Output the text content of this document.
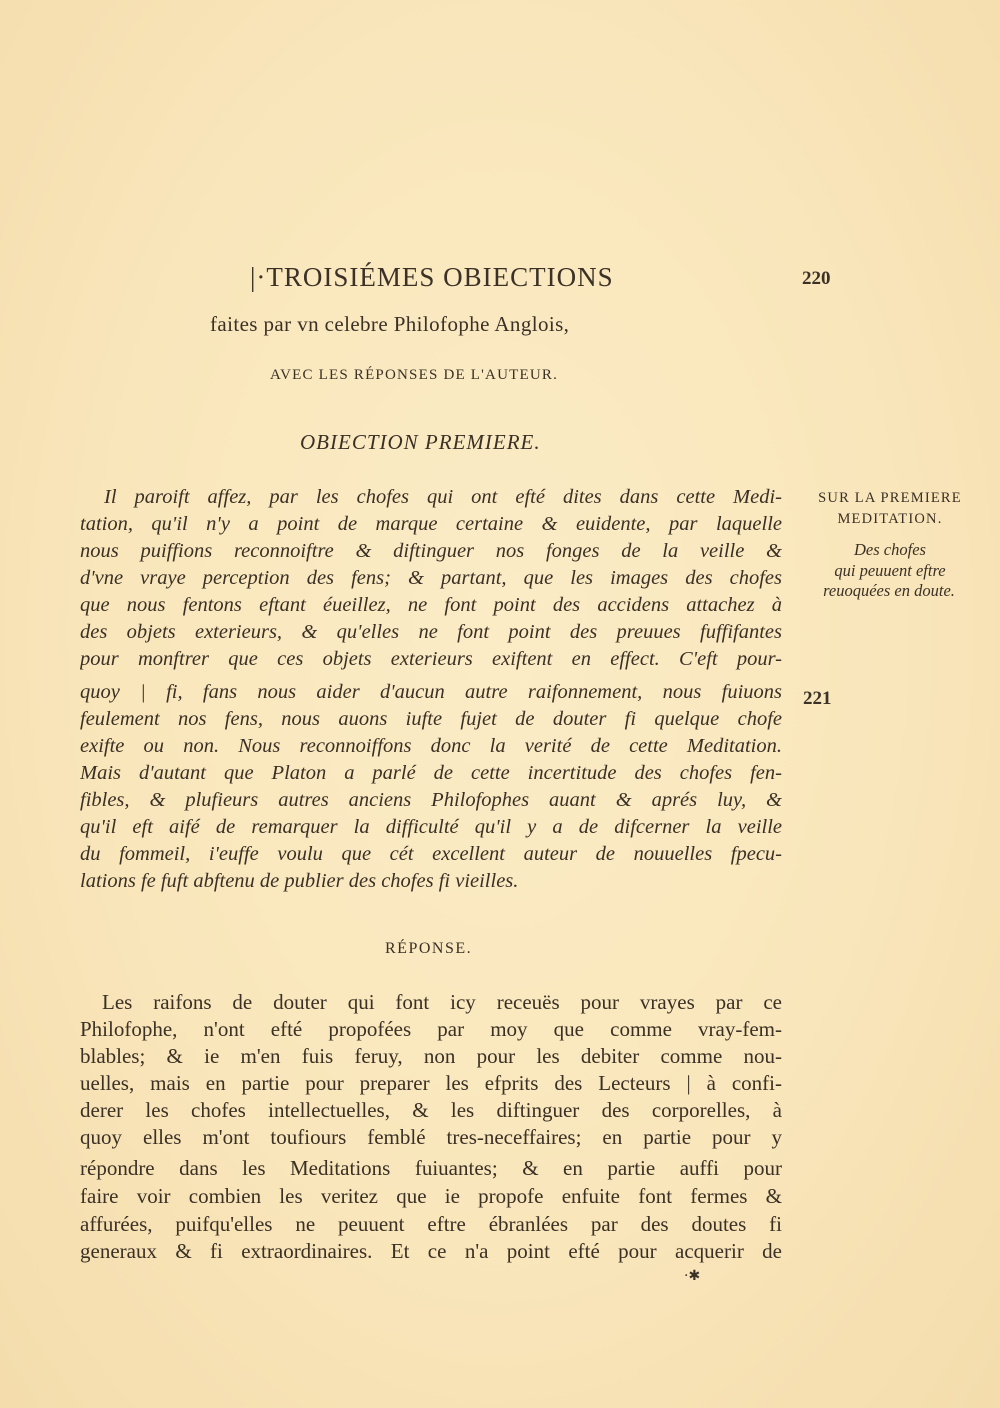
|·TROISIÉMES OBIECTIONS	220
faites par vn celebre Philofophe Anglois,
AVEC LES RÉPONSES DE L'AUTEUR.
OBIECTION PREMIERE.
Il paroift affez, par les chofes qui ont efté dites dans cette Medi-
tation, qu'il n'y a point de marque certaine & euidente, par laquelle
nous puiffions reconnoiftre & diftinguer nos fonges de la veille &
d'vne vraye perception des fens; & partant, que les images des chofes
que nous fentons eftant éueillez, ne font point des accidens attachez à
des objets exterieurs, & qu'elles ne font point des preuues fuffifantes
pour monftrer que ces objets exterieurs exiftent en effect. C'eft pour-
quoy | fi, fans nous aider d'aucun autre raifonnement, nous fuiuons
feulement nos fens, nous auons iufte fujet de douter fi quelque chofe
exifte ou non. Nous reconnoiffons donc la verité de cette Meditation.
Mais d'autant que Platon a parlé de cette incertitude des chofes fen-
fibles, & plufieurs autres anciens Philofophes auant & aprés luy, &
qu'il eft aifé de remarquer la difficulté qu'il y a de difcerner la veille
du fommeil, i'euffe voulu que cét excellent auteur de nouuelles fpecu-
lations fe fuft abftenu de publier des chofes fi vieilles.
SUR LA PREMIERE
MEDITATION.
Des chofes
qui peuuent eftre
reuoquées en doute.
221
RÉPONSE.
Les raifons de douter qui font icy receuës pour vrayes par ce
Philofophe, n'ont efté propofées par moy que comme vray-fem-
blables; & ie m'en fuis feruy, non pour les debiter comme nou-
uelles, mais en partie pour preparer les efprits des Lecteurs | à confi-
derer les chofes intellectuelles, & les diftinguer des corporelles, à
quoy elles m'ont toufiours femblé tres-neceffaires; en partie pour y
répondre dans les Meditations fuiuantes; & en partie auffi pour
faire voir combien les veritez que ie propofe enfuite font fermes &
affurées, puifqu'elles ne peuuent eftre ébranlées par des doutes fi
generaux & fi extraordinaires. Et ce n'a point efté pour acquerir de
·✱
